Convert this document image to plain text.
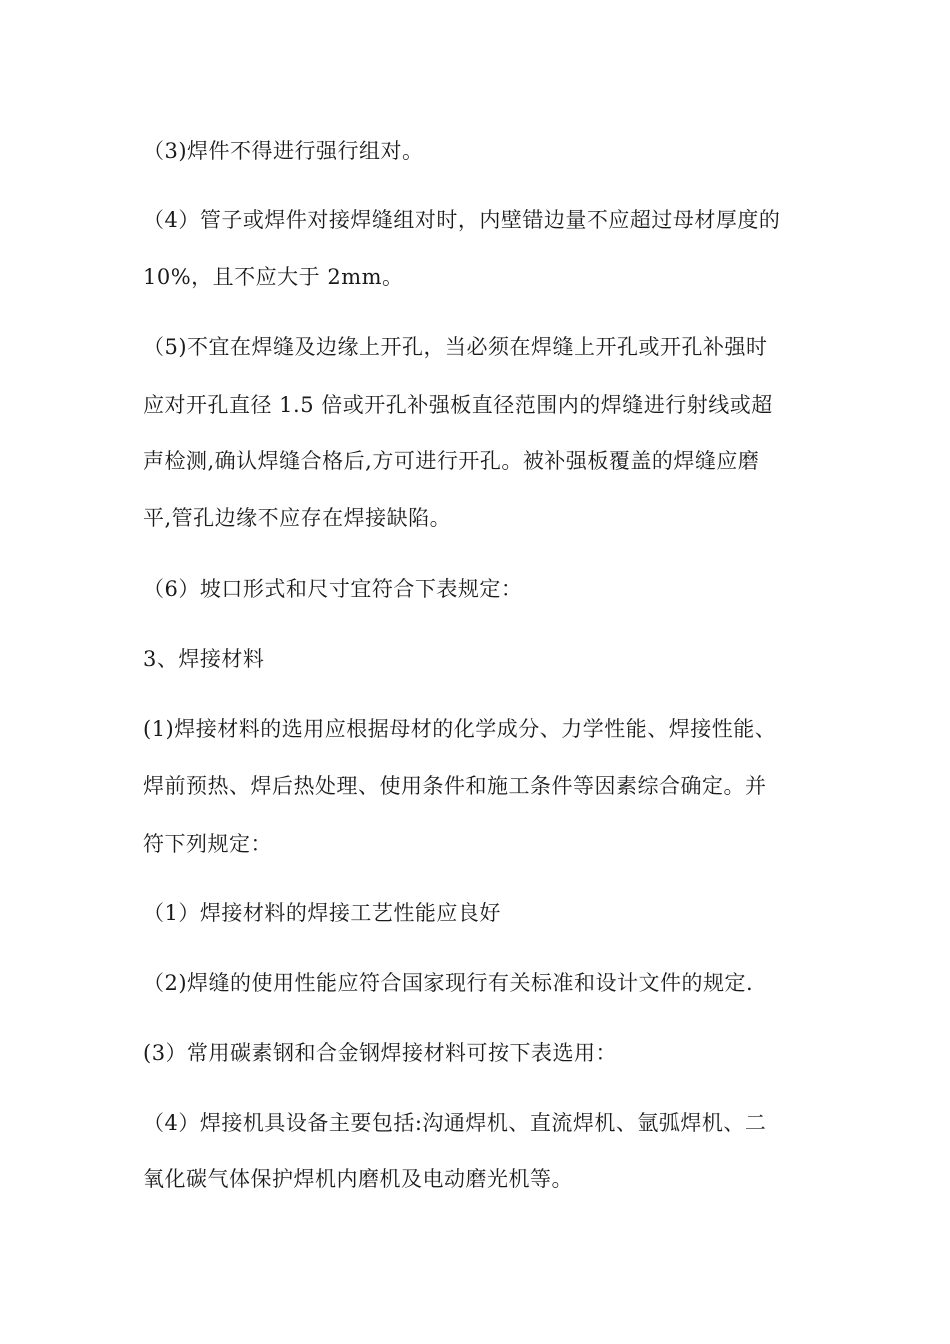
（3)焊件不得进行强行组对。
（4）管子或焊件对接焊缝组对时，内壁错边量不应超过母材厚度的
10%，且不应大于 2mm。
（5)不宜在焊缝及边缘上开孔，当必须在焊缝上开孔或开孔补强时
应对开孔直径 1.5 倍或开孔补强板直径范围内的焊缝进行射线或超
声检测,确认焊缝合格后,方可进行开孔。被补强板覆盖的焊缝应磨
平,管孔边缘不应存在焊接缺陷。
（6）坡口形式和尺寸宜符合下表规定：
3、焊接材料
(1)焊接材料的选用应根据母材的化学成分、力学性能、焊接性能、
焊前预热、焊后热处理、使用条件和施工条件等因素综合确定。并
符下列规定：
（1）焊接材料的焊接工艺性能应良好
（2)焊缝的使用性能应符合国家现行有关标准和设计文件的规定.
(3）常用碳素钢和合金钢焊接材料可按下表选用：
（4）焊接机具设备主要包括:沟通焊机、直流焊机、氩弧焊机、二
氧化碳气体保护焊机内磨机及电动磨光机等。
